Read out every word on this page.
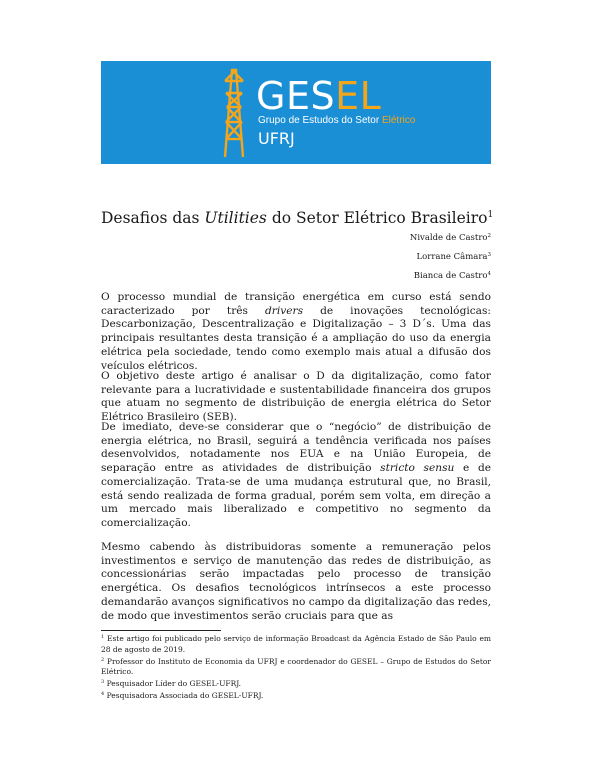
GESEL
Grupo de Estudos do Setor Elétrico
UFRJ
Desafios das Utilities do Setor Elétrico Brasileiro$^1$
Nivalde de Castro$^2$
Lorrane Câmara$^3$
Bianca de Castro$^4$

O processo mundial de transição energética em curso está sendo caracterizado por três drivers de inovações tecnológicas: Descarbonização, Descentralização e Digitalização – 3 D´s. Uma das principais resultantes desta transição é a ampliação do uso da energia elétrica pela sociedade, tendo como exemplo mais atual a difusão dos veículos elétricos.

O objetivo deste artigo é analisar o D da digitalização, como fator relevante para a lucratividade e sustentabilidade financeira dos grupos que atuam no segmento de distribuição de energia elétrica do Setor Elétrico Brasileiro (SEB).

De imediato, deve-se considerar que o “negócio” de distribuição de energia elétrica, no Brasil, seguirá a tendência verificada nos países desenvolvidos, notadamente nos EUA e na União Europeia, de separação entre as atividades de distribuição stricto sensu e de comercialização. Trata-se de uma mudança estrutural que, no Brasil, está sendo realizada de forma gradual, porém sem volta, em direção a um mercado mais liberalizado e competitivo no segmento da comercialização.

Mesmo cabendo às distribuidoras somente a remuneração pelos investimentos e serviço de manutenção das redes de distribuição, as concessionárias serão impactadas pelo processo de transição energética. Os desafios tecnológicos intrínsecos a este processo demandarão avanços significativos no campo da digitalização das redes, de modo que investimentos serão cruciais para que as

$^1$ Este artigo foi publicado pelo serviço de informação Broadcast da Agência Estado de São Paulo em 28 de agosto de 2019.

$^2$ Professor do Instituto de Economia da UFRJ e coordenador do GESEL – Grupo de Estudos do Setor Elétrico.

$^3$ Pesquisador Líder do GESEL-UFRJ.

$^4$ Pesquisadora Associada do GESEL-UFRJ.
